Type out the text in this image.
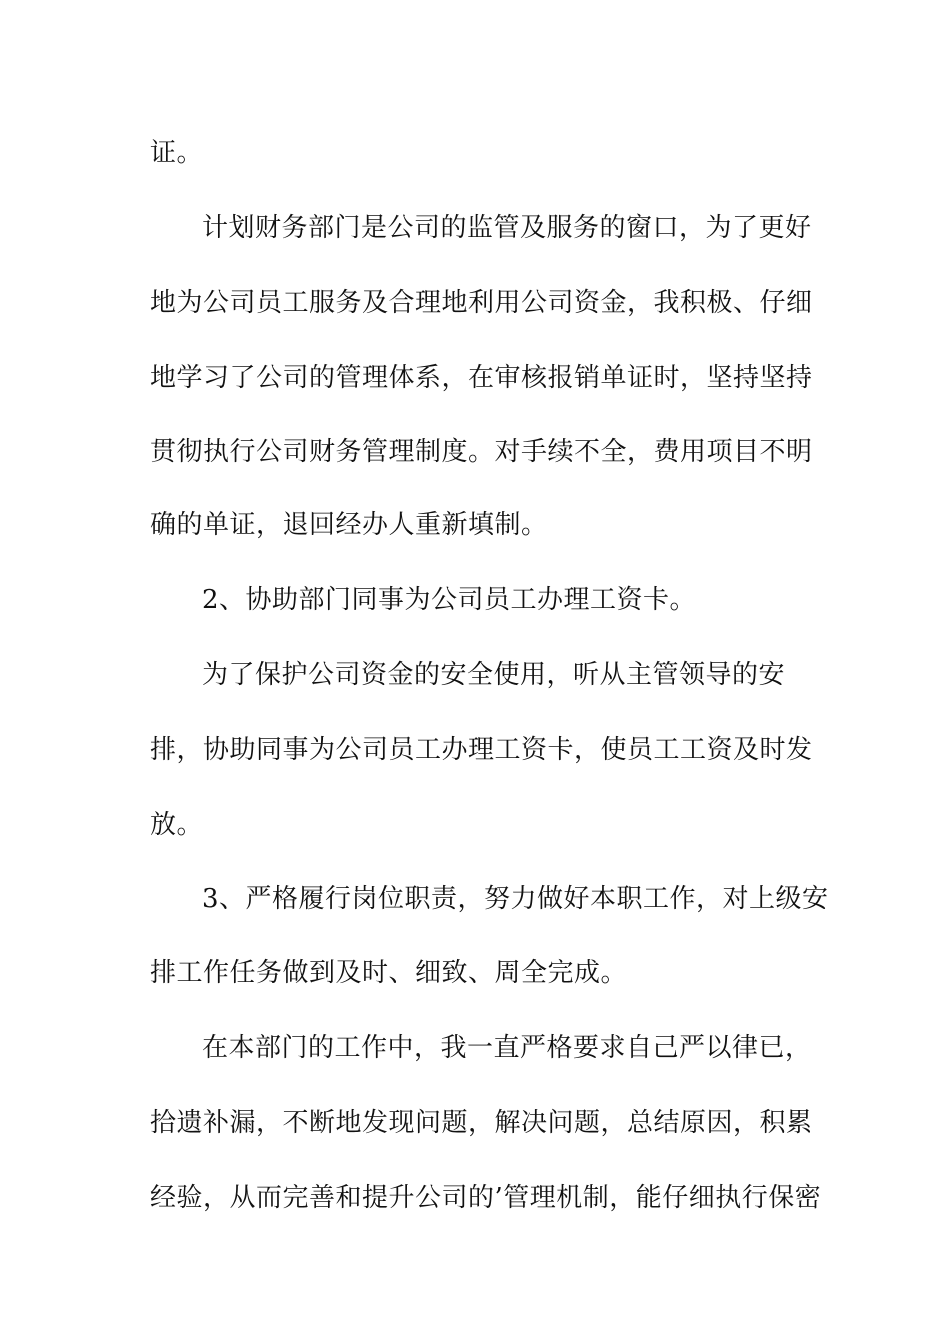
证。
计划财务部门是公司的监管及服务的窗口，为了更好
地为公司员工服务及合理地利用公司资金，我积极、仔细
地学习了公司的管理体系，在审核报销单证时，坚持坚持
贯彻执行公司财务管理制度。对手续不全，费用项目不明
确的单证，退回经办人重新填制。
2、协助部门同事为公司员工办理工资卡。
为了保护公司资金的安全使用，听从主管领导的安
排，协助同事为公司员工办理工资卡，使员工工资及时发
放。
3、严格履行岗位职责，努力做好本职工作，对上级安
排工作任务做到及时、细致、周全完成。
在本部门的工作中，我一直严格要求自己严以律已，
拾遗补漏，不断地发现问题，解决问题，总结原因，积累
经验，从而完善和提升公司的’管理机制，能仔细执行保密
